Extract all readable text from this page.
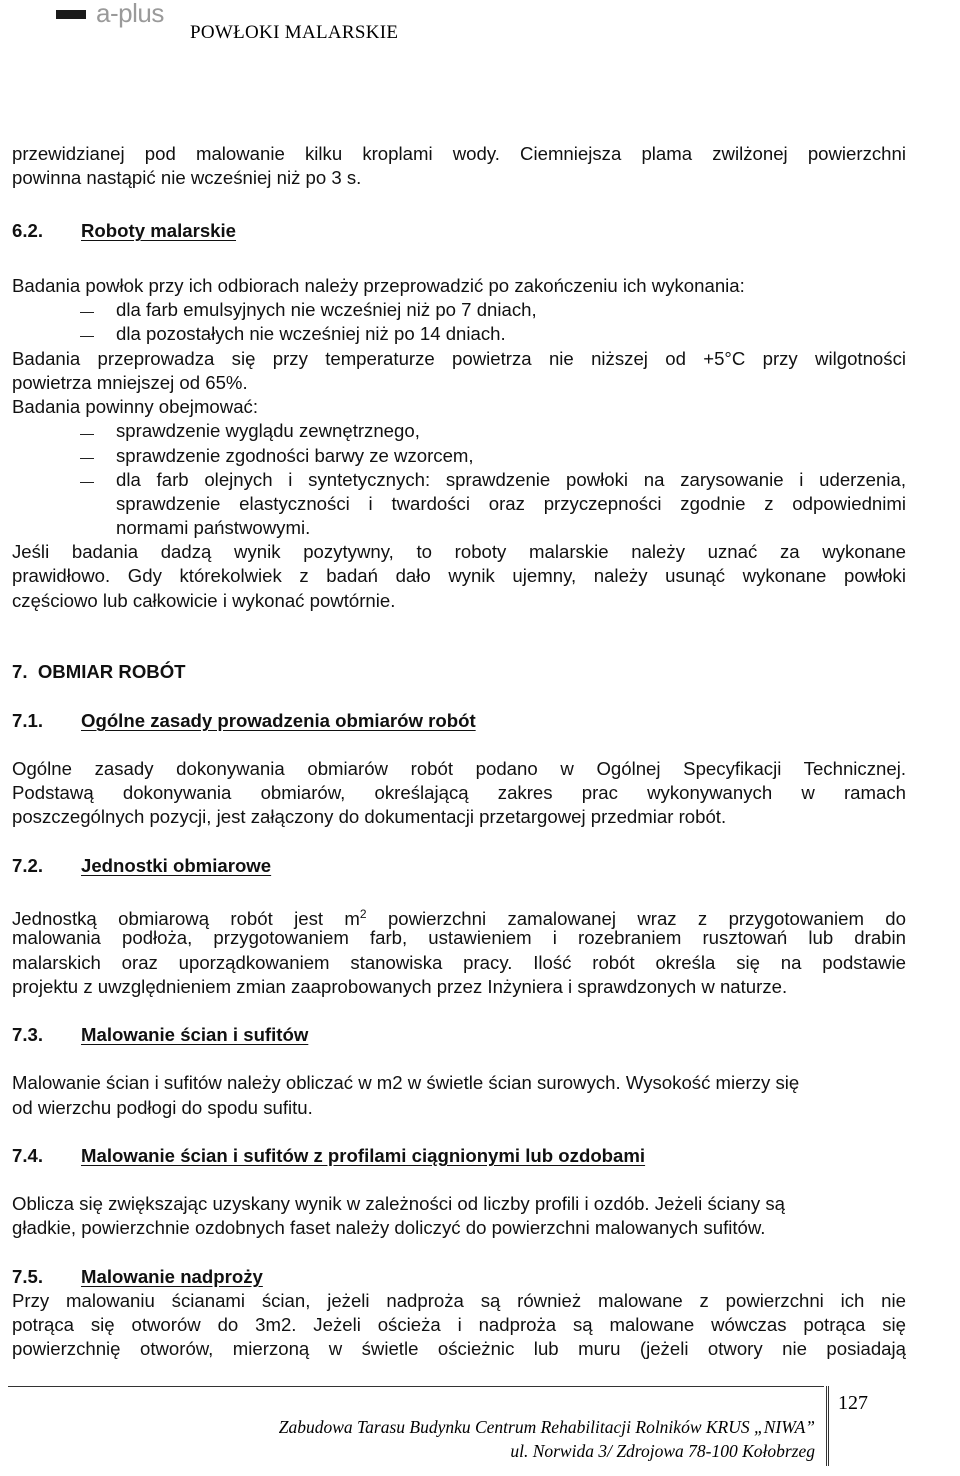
a-plus
POWŁOKI MALARSKIE
przewidzianej pod malowanie kilku kroplami wody. Ciemniejsza plama zwilżonej powierzchni
powinna nastąpić nie wcześniej niż po 3 s.
6.2. Roboty malarskie
Badania powłok przy ich odbiorach należy przeprowadzić po zakończeniu ich wykonania:
dla farb emulsyjnych nie wcześniej niż po 7 dniach,
dla pozostałych nie wcześniej niż po 14 dniach.
Badania przeprowadza się przy temperaturze powietrza nie niższej od +5°C przy wilgotności
powietrza mniejszej od 65%.
Badania powinny obejmować:
sprawdzenie wyglądu zewnętrznego,
sprawdzenie zgodności barwy ze wzorcem,
dla farb olejnych i syntetycznych: sprawdzenie powłoki na zarysowanie i uderzenia,
sprawdzenie elastyczności i twardości oraz przyczepności zgodnie z odpowiednimi
normami państwowymi.
Jeśli badania dadzą wynik pozytywny, to roboty malarskie należy uznać za wykonane
prawidłowo. Gdy którekolwiek z badań dało wynik ujemny, należy usunąć wykonane powłoki
częściowo lub całkowicie i wykonać powtórnie.
7.  OBMIAR ROBÓT
7.1. Ogólne zasady prowadzenia obmiarów robót
Ogólne zasady dokonywania obmiarów robót podano w Ogólnej Specyfikacji Technicznej.
Podstawą dokonywania obmiarów, określającą zakres prac wykonywanych w ramach
poszczególnych pozycji, jest załączony do dokumentacji przetargowej przedmiar robót.
7.2. Jednostki obmiarowe
Jednostką obmiarową robót jest $m^2$ powierzchni zamalowanej wraz z przygotowaniem do
malowania podłoża, przygotowaniem farb, ustawieniem i rozebraniem rusztowań lub drabin
malarskich oraz uporządkowaniem stanowiska pracy. Ilość robót określa się na podstawie
projektu z uwzględnieniem zmian zaaprobowanych przez Inżyniera i sprawdzonych w naturze.
7.3. Malowanie ścian i sufitów
Malowanie ścian i sufitów należy obliczać w m2 w świetle ścian surowych. Wysokość mierzy się
od wierzchu podłogi do spodu sufitu.
7.4. Malowanie ścian i sufitów z profilami ciągnionymi lub ozdobami
Oblicza się zwiększając uzyskany wynik w zależności od liczby profili i ozdób. Jeżeli ściany są
gładkie, powierzchnie ozdobnych faset należy doliczyć do powierzchni malowanych sufitów.
7.5. Malowanie nadproży
Przy malowaniu ścianami ścian, jeżeli nadproża są również malowane z powierzchni ich nie
potrąca się otworów do 3m2. Jeżeli ościeża i nadproża są malowane wówczas potrąca się
powierzchnię otworów, mierzoną w świetle ościeżnic lub muru (jeżeli otwory nie posiadają
127
Zabudowa Tarasu Budynku Centrum Rehabilitacji Rolników KRUS „NIWA”
ul. Norwida 3/ Zdrojowa 78-100 Kołobrzeg
